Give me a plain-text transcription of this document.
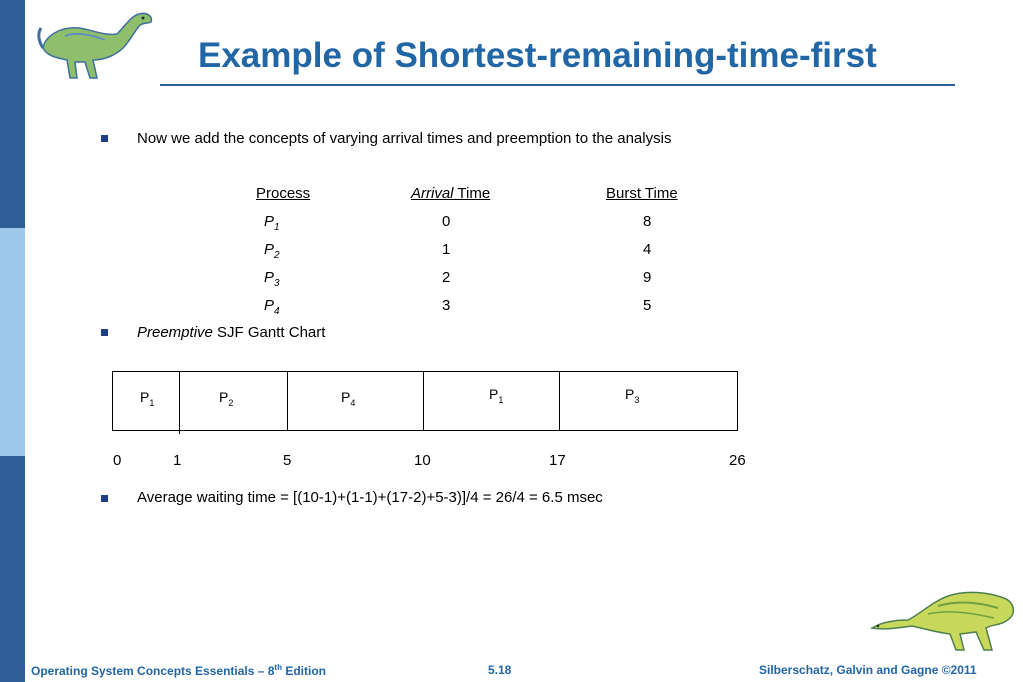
Example of Shortest-remaining-time-first
Now we add the concepts of varying arrival times and preemption to the analysis
Process	Arrival Time	Burst Time
$P_1$	0	8
$P_2$	1	4
$P_3$	2	9
$P_4$	3	5
Preemptive SJF Gantt Chart
$P_1$	$P_2$	$P_4$
$P_1$	$P_3$
0	1	5	10	17	26
Average waiting time = [(10-1)+(1-1)+(17-2)+5-3)]/4 = 26/4 = 6.5 msec
Operating System Concepts Essentials – 8th Edition	5.18	Silberschatz, Galvin and Gagne ©2011
